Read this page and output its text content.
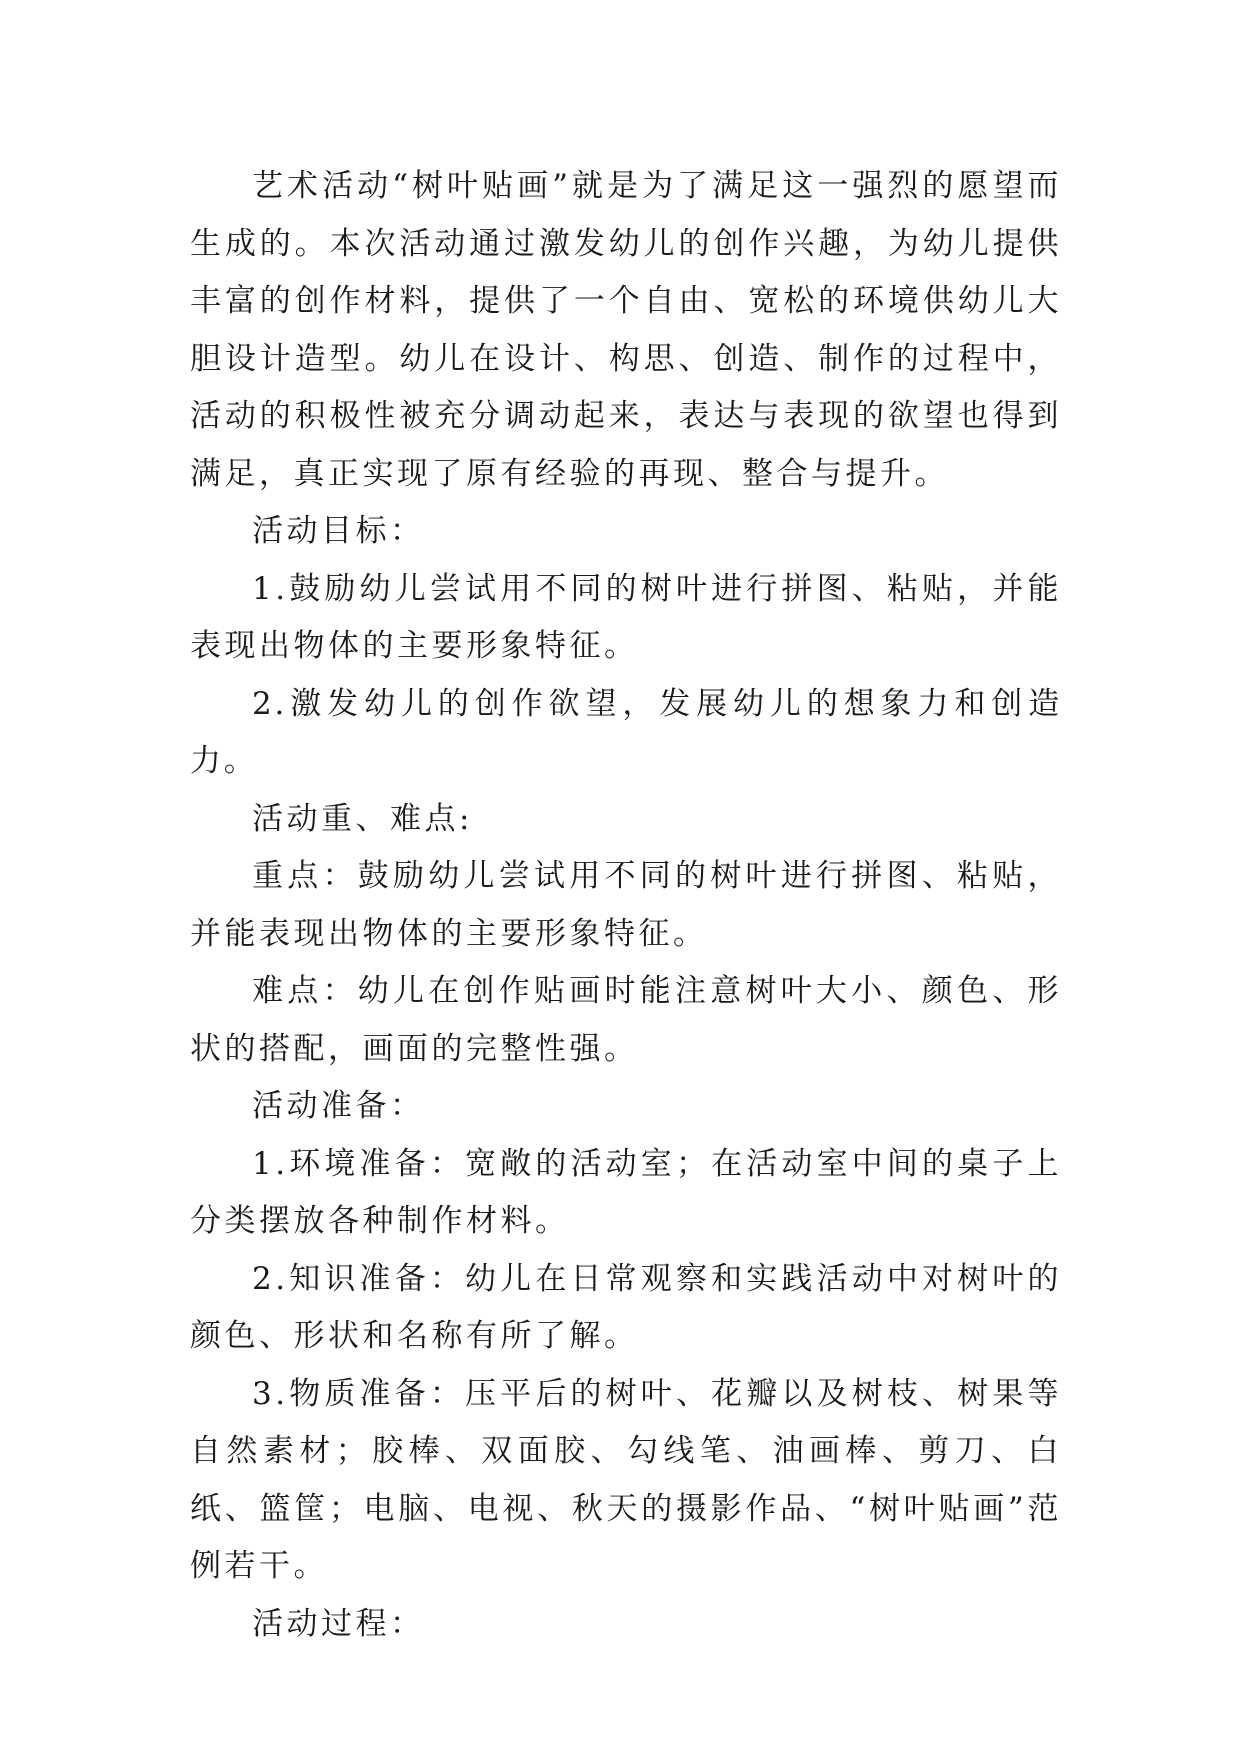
艺术活动“树叶贴画”就是为了满足这一强烈的愿望而生成的。本次活动通过激发幼儿的创作兴趣，为幼儿提供丰富的创作材料，提供了一个自由、宽松的环境供幼儿大胆设计造型。幼儿在设计、构思、创造、制作的过程中，活动的积极性被充分调动起来，表达与表现的欲望也得到满足，真正实现了原有经验的再现、整合与提升。

活动目标：

1.鼓励幼儿尝试用不同的树叶进行拼图、粘贴，并能表现出物体的主要形象特征。

2.激发幼儿的创作欲望，发展幼儿的想象力和创造力。

活动重、难点:

重点：鼓励幼儿尝试用不同的树叶进行拼图、粘贴，并能表现出物体的主要形象特征。

难点：幼儿在创作贴画时能注意树叶大小、颜色、形状的搭配，画面的完整性强。

活动准备：

1.环境准备：宽敞的活动室；在活动室中间的桌子上分类摆放各种制作材料。

2.知识准备：幼儿在日常观察和实践活动中对树叶的颜色、形状和名称有所了解。

3.物质准备：压平后的树叶、花瓣以及树枝、树果等自然素材；胶棒、双面胶、勾线笔、油画棒、剪刀、白纸、篮筐；电脑、电视、秋天的摄影作品、“树叶贴画”范例若干。

活动过程：
